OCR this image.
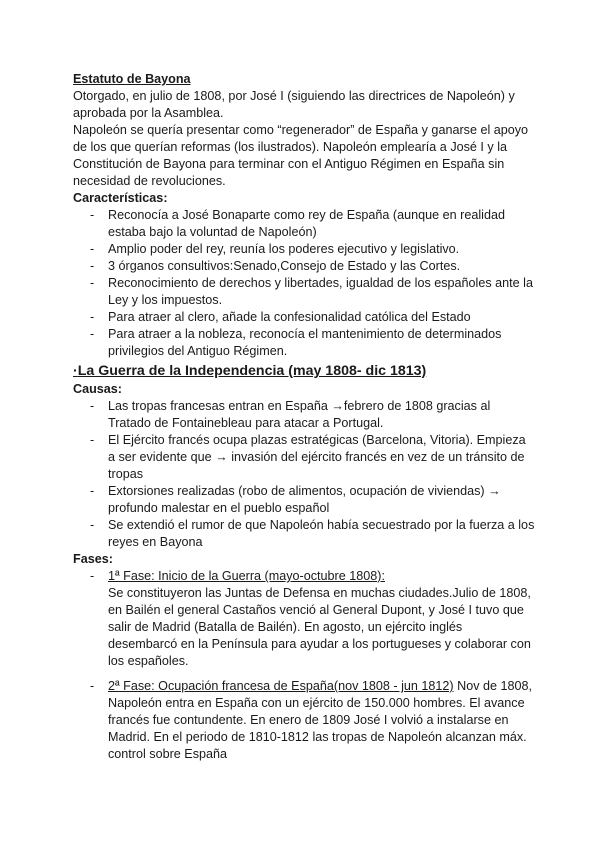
Estatuto de Bayona

Otorgado, en julio de 1808, por José I (siguiendo las directrices de Napoleón) y aprobada por la Asamblea.

Napoleón se quería presentar como “regenerador” de España y ganarse el apoyo de los que querían reformas (los ilustrados). Napoleón emplearía a José I y la Constitución de Bayona para terminar con el Antiguo Régimen en España sin necesidad de revoluciones.

Características:

- Reconocía a José Bonaparte como rey de España (aunque en realidad estaba bajo la voluntad de Napoleón)
- Amplio poder del rey, reunía los poderes ejecutivo y legislativo.
- 3 órganos consultivos:Senado,Consejo de Estado y las Cortes.
- Reconocimiento de derechos y libertades, igualdad de los españoles ante la Ley y los impuestos.
- Para atraer al clero, añade la confesionalidad católica del Estado
- Para atraer a la nobleza, reconocía el mantenimiento de determinados privilegios del Antiguo Régimen.

·La Guerra de la Independencia (may 1808- dic 1813)

Causas:

- Las tropas francesas entran en España →febrero de 1808 gracias al Tratado de Fontainebleau para atacar a Portugal.
- El Ejército francés ocupa plazas estratégicas (Barcelona, Vitoria). Empieza a ser evidente que → invasión del ejército francés en vez de un tránsito de tropas
- Extorsiones realizadas (robo de alimentos, ocupación de viviendas) → profundo malestar en el pueblo español
- Se extendió el rumor de que Napoleón había secuestrado por la fuerza a los reyes en Bayona

Fases:

- 1ª Fase: Inicio de la Guerra (mayo-octubre 1808):
Se constituyeron las Juntas de Defensa en muchas ciudades.Julio de 1808, en Bailén el general Castaños venció al General Dupont, y José I tuvo que salir de Madrid (Batalla de Bailén). En agosto, un ejército inglés desembarcó en la Península para ayudar a los portugueses y colaborar con los españoles.
- 2ª Fase: Ocupación francesa de España(nov 1808 - jun 1812) Nov de 1808, Napoleón entra en España con un ejército de 150.000 hombres. El avance francés fue contundente. En enero de 1809 José I volvió a instalarse en Madrid. En el periodo de 1810-1812 las tropas de Napoleón alcanzan máx. control sobre España
